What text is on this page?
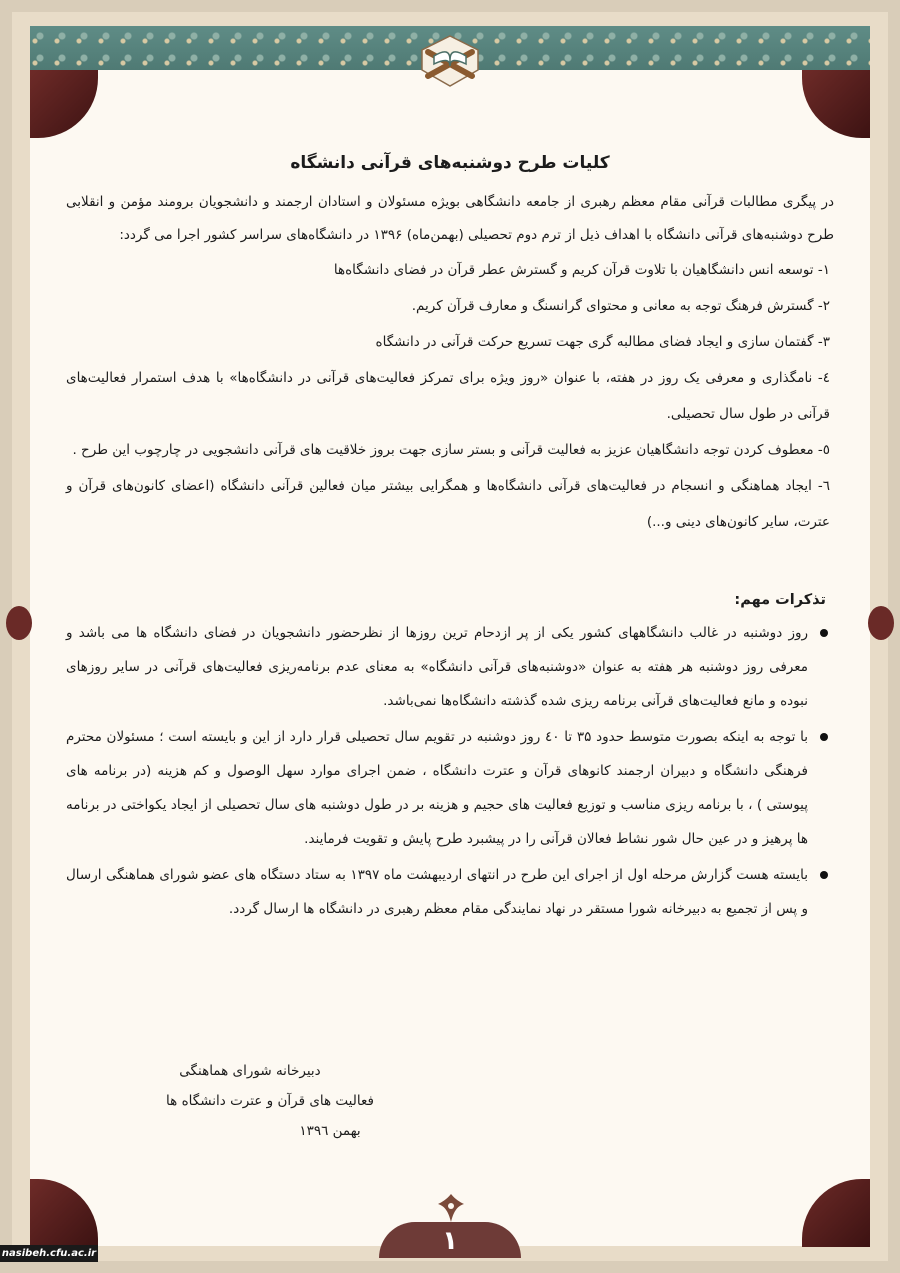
کلیات طرح دوشنبه‌های قرآنی دانشگاه

در پیگری مطالبات قرآنی مقام معظم رهبری از جامعه دانشگاهی بویژه مسئولان و استادان ارجمند و دانشجویان برومند مؤمن و انقلابی طرح دوشنبه‌های قرآنی دانشگاه با اهداف ذیل از ترم دوم تحصیلی (بهمن‌ماه) ۱۳۹۶ در دانشگاه‌های سراسر کشور اجرا می گردد:

۱- توسعه انس دانشگاهیان با تلاوت قرآن کریم و گسترش عطر قرآن در فضای دانشگاه‌ها

۲- گسترش فرهنگ توجه به معانی و محتوای گرانسنگ و معارف قرآن کریم.

۳- گفتمان سازی و ایجاد فضای مطالبه گری جهت تسریع حرکت قرآنی در دانشگاه

٤- نامگذاری و معرفی یک روز در هفته، با عنوان «روز ویژه برای تمرکز فعالیت‌های قرآنی در دانشگاه‌ها» با هدف استمرار فعالیت‌های قرآنی در طول سال تحصیلی.

٥- معطوف کردن توجه دانشگاهیان عزیز به فعالیت قرآنی و بستر سازی جهت بروز خلاقیت های قرآنی دانشجویی در چارچوب این طرح .

٦- ایجاد هماهنگی و انسجام در فعالیت‌های قرآنی دانشگاه‌ها و همگرایی بیشتر میان فعالین قرآنی دانشگاه (اعضای کانون‌های قرآن و عترت، سایر کانون‌های دینی و...)

تذکرات مهم:
روز دوشنبه در غالب دانشگاههای کشور یکی از پر ازدحام ترین روزها از نظرحضور دانشجویان در فضای دانشگاه ها می باشد و معرفی روز دوشنبه هر هفته به عنوان «دوشنبه‌های قرآنی دانشگاه» به معنای عدم برنامه‌ریزی فعالیت‌های قرآنی در سایر روزهای نبوده و مانع فعالیت‌های قرآنی برنامه ریزی شده گذشته دانشگاه‌ها نمی‌باشد.
با توجه به اینکه بصورت متوسط حدود ۳۵ تا ٤٠ روز دوشنبه در تقویم سال تحصیلی قرار دارد از این و بایسته است ؛ مسئولان محترم فرهنگی دانشگاه و دبیران ارجمند کانوهای قرآن و عترت دانشگاه ، ضمن اجرای موارد سهل الوصول و کم هزینه (در برنامه های پیوستی ) ، با برنامه ریزی مناسب و توزیع فعالیت های حجیم و هزینه بر در طول دوشنبه های سال تحصیلی از ایجاد یکواختی در برنامه ها پرهیز و در عین حال شور نشاط فعالان قرآنی را در پیشبرد طرح پایش و تقویت فرمایند.
بایسته هست گزارش مرحله اول از اجرای این طرح در انتهای اردیبهشت ماه ۱۳۹۷ به ستاد دستگاه های عضو شورای هماهنگی ارسال و پس از تجمیع به دبیرخانه شورا مستقر در نهاد نمایندگی مقام معظم رهبری در دانشگاه ها ارسال گردد.

دبیرخانه شورای هماهنگی

فعالیت های قرآن و عترت دانشگاه ها

بهمن ۱۳۹٦

۱
nasibeh.cfu.ac.ir
